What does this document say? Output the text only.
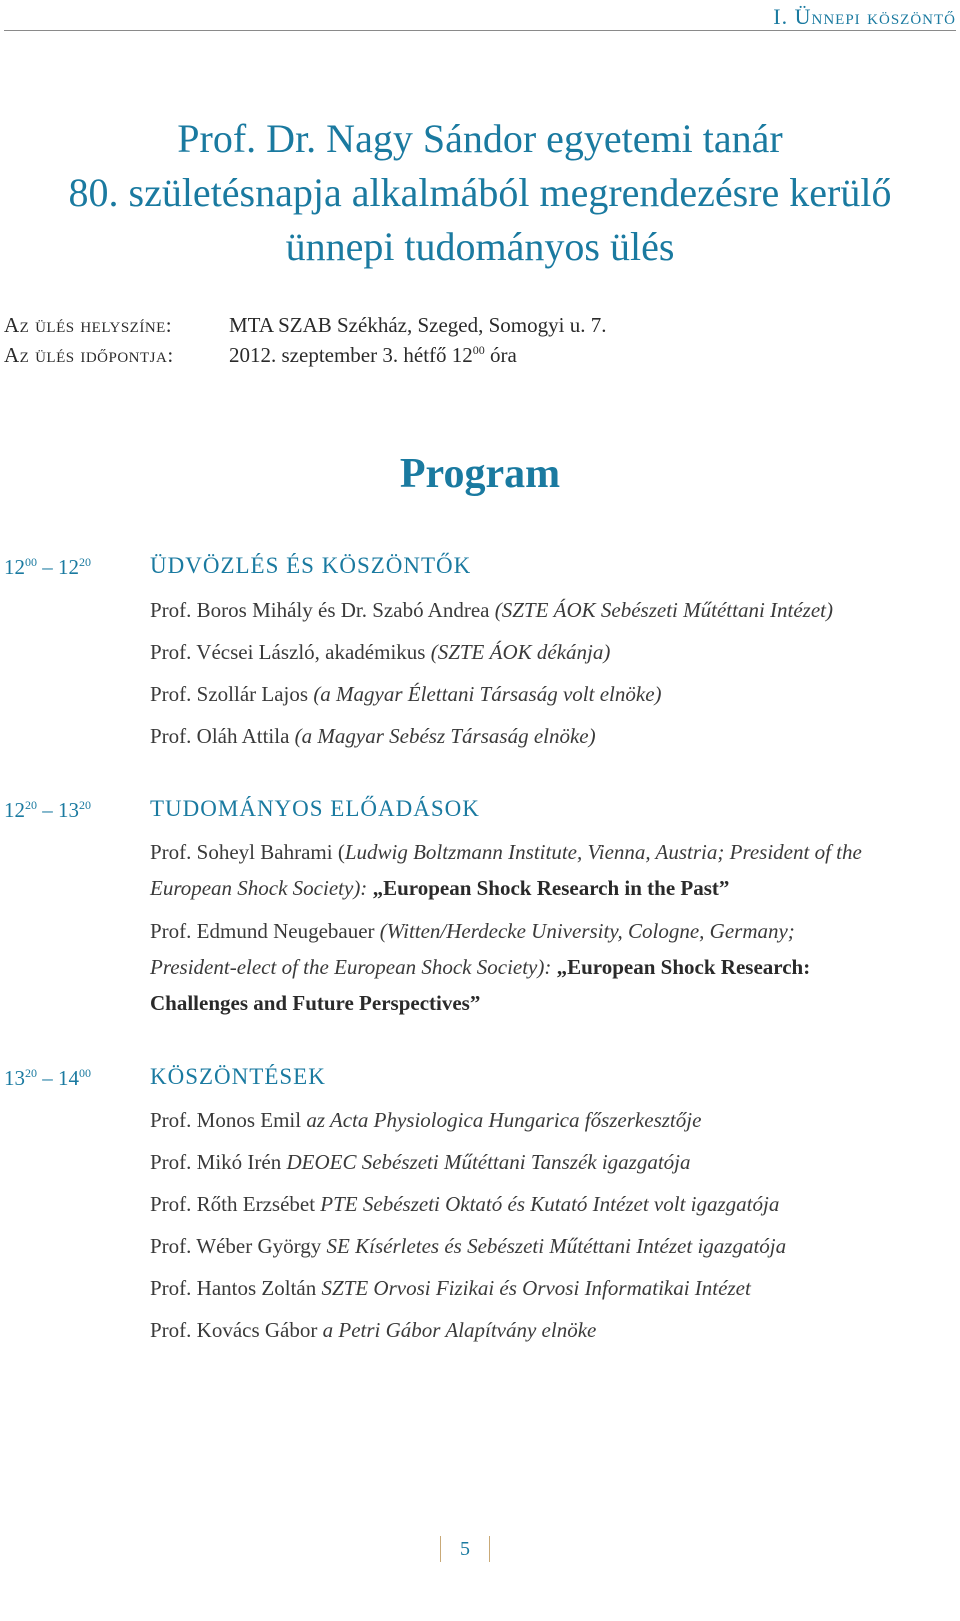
I. Ünnepi köszöntő
Prof. Dr. Nagy Sándor egyetemi tanár
80. születésnapja alkalmából megrendezésre kerülő
ünnepi tudományos ülés
Az ülés helyszíne:	MTA SZAB Székház, Szeged, Somogyi u. 7.
Az ülés időpontja:	2012. szeptember 3. hétfő $12^{00}$ óra
Program
$12^{00} - 12^{20}$	ÜDVÖZLÉS ÉS KÖSZÖNTŐK
Prof. Boros Mihály és Dr. Szabó Andrea (SZTE ÁOK Sebészeti Műtéttani Intézet)
Prof. Vécsei László, akadémikus (SZTE ÁOK dékánja)
Prof. Szollár Lajos (a Magyar Élettani Társaság volt elnöke)
Prof. Oláh Attila (a Magyar Sebész Társaság elnöke)
$12^{20} - 13^{20}$	TUDOMÁNYOS ELŐADÁSOK
Prof. Soheyl Bahrami (Ludwig Boltzmann Institute, Vienna, Austria; President of the
European Shock Society): „European Shock Research in the Past”
Prof. Edmund Neugebauer (Witten/Herdecke University, Cologne, Germany;
President-elect of the European Shock Society): „European Shock Research:
Challenges and Future Perspectives”
$13^{20} - 14^{00}$	KÖSZÖNTÉSEK
Prof. Monos Emil az Acta Physiologica Hungarica főszerkesztője
Prof. Mikó Irén DEOEC Sebészeti Műtéttani Tanszék igazgatója
Prof. Rőth Erzsébet PTE Sebészeti Oktató és Kutató Intézet volt igazgatója
Prof. Wéber György SE Kísérletes és Sebészeti Műtéttani Intézet igazgatója
Prof. Hantos Zoltán SZTE Orvosi Fizikai és Orvosi Informatikai Intézet
Prof. Kovács Gábor a Petri Gábor Alapítvány elnöke
5
